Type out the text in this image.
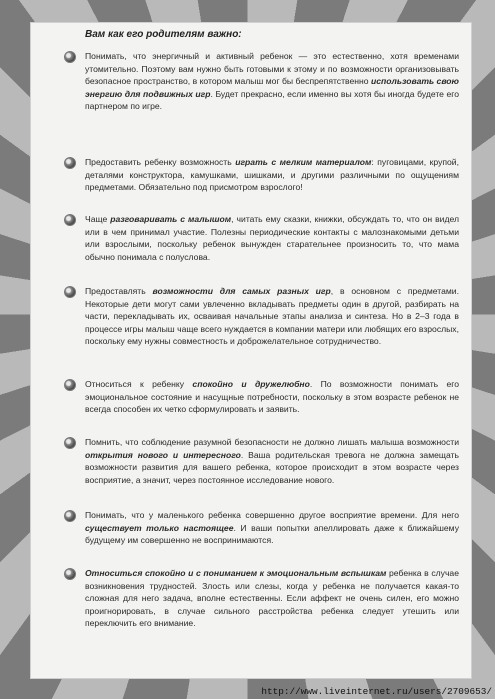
Вам как его родителям важно:
Понимать, что энергичный и активный ребенок — это естественно, хотя временами утомительно. Поэтому вам нужно быть готовыми к этому и по возможности организовывать безопасное пространство, в котором малыш мог бы беспрепятственно использовать свою энергию для подвижных игр. Будет прекрасно, если именно вы хотя бы иногда будете его партнером по игре.
Предоставить ребенку возможность играть с мелким материалом: пуговицами, крупой, деталями конструктора, камушками, шишками, и другими различными по ощущениям предметами. Обязательно под присмотром взрослого!
Чаще разговаривать с малышом, читать ему сказки, книжки, обсуждать то, что он видел или в чем принимал участие. Полезны периодические контакты с малознакомыми детьми или взрослыми, поскольку ребенок вынужден старательнее произносить то, что мама обычно понимала с полуслова.
Предоставлять возможности для самых разных игр, в основном с предметами. Некоторые дети могут сами увлеченно вкладывать предметы один в другой, разбирать на части, перекладывать их, осваивая начальные этапы анализа и синтеза. Но в 2–3 года в процессе игры малыш чаще всего нуждается в компании матери или любящих его взрослых, поскольку ему нужны совместность и доброжелательное сотрудничество.
Относиться к ребенку спокойно и дружелюбно. По возможности понимать его эмоциональное состояние и насущные потребности, поскольку в этом возрасте ребенок не всегда способен их четко сформулировать и заявить.
Помнить, что соблюдение разумной безопасности не должно лишать малыша возможности открытия нового и интересного. Ваша родительская тревога не должна замещать возможности развития для вашего ребенка, которое происходит в этом возрасте через восприятие, а значит, через постоянное исследование нового.
Понимать, что у маленького ребенка совершенно другое восприятие времени. Для него существует только настоящее. И ваши попытки апеллировать даже к ближайшему будущему им совершенно не воспринимаются.
Относиться спокойно и с пониманием к эмоциональным вспышкам ребенка в случае возникновения трудностей. Злость или слезы, когда у ребенка не получается какая-то сложная для него задача, вполне естественны. Если аффект не очень силен, его можно проигнорировать, в случае сильного расстройства ребенка следует утешить или переключить его внимание.
http://www.liveinternet.ru/users/2709653/
